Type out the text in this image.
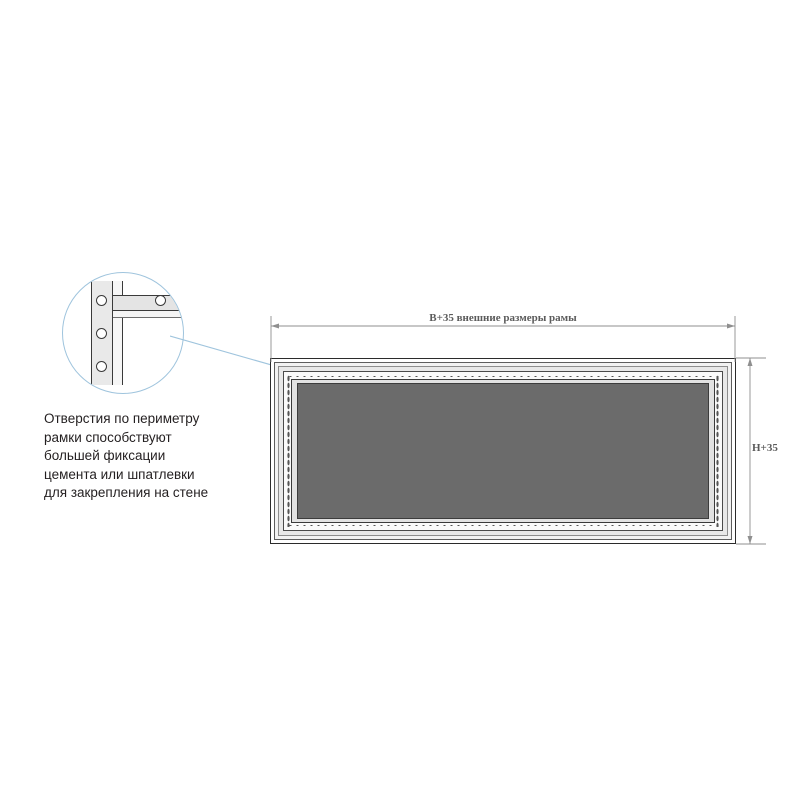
Отверстия по периметру
рамки способствуют
большей фиксации
цемента или шпатлевки
для закрепления на стене
B+35 внешние размеры рамы
H+35
